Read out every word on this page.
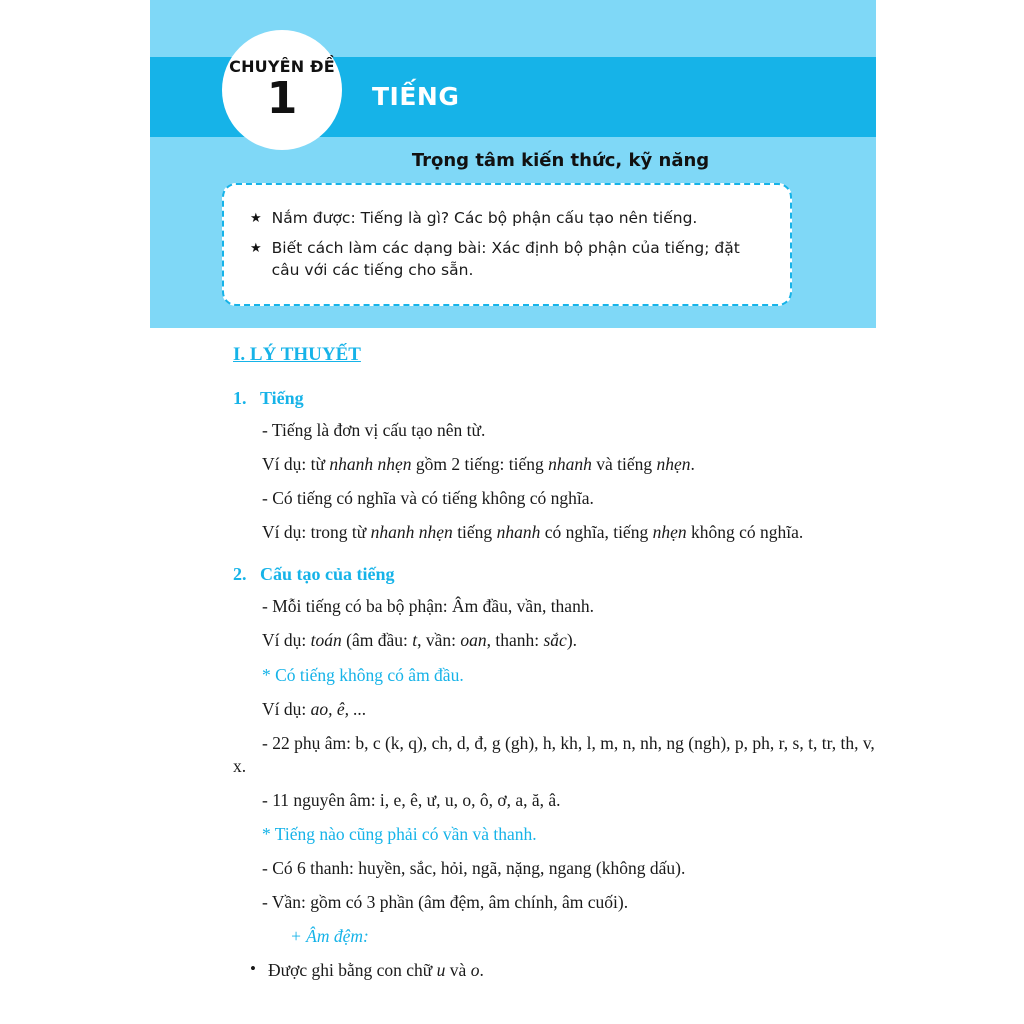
CHUYÊN ĐỀ
1	TIẾNG
Trọng tâm kiến thức, kỹ năng
★ Nắm được: Tiếng là gì? Các bộ phận cấu tạo nên tiếng.
★ Biết cách làm các dạng bài: Xác định bộ phận của tiếng; đặt câu với các tiếng cho sẵn.
I. LÝ THUYẾT
1. Tiếng

- Tiếng là đơn vị cấu tạo nên từ.

Ví dụ: từ nhanh nhẹn gồm 2 tiếng: tiếng nhanh và tiếng nhẹn.

- Có tiếng có nghĩa và có tiếng không có nghĩa.

Ví dụ: trong từ nhanh nhẹn tiếng nhanh có nghĩa, tiếng nhẹn không có nghĩa.

2. Cấu tạo của tiếng

- Mỗi tiếng có ba bộ phận: Âm đầu, vần, thanh.

Ví dụ: toán (âm đầu: t, vần: oan, thanh: sắc).

* Có tiếng không có âm đầu.

Ví dụ: ao, ê, ...

- 22 phụ âm: b, c (k, q), ch, d, đ, g (gh), h, kh, l, m, n, nh, ng (ngh), p, ph, r, s, t, tr, th, v, x.

- 11 nguyên âm: i, e, ê, ư, u, o, ô, ơ, a, ă, â.

* Tiếng nào cũng phải có vần và thanh.

- Có 6 thanh: huyền, sắc, hỏi, ngã, nặng, ngang (không dấu).

- Vần: gồm có 3 phần (âm đệm, âm chính, âm cuối).

+ Âm đệm:

• Được ghi bằng con chữ u và o.
